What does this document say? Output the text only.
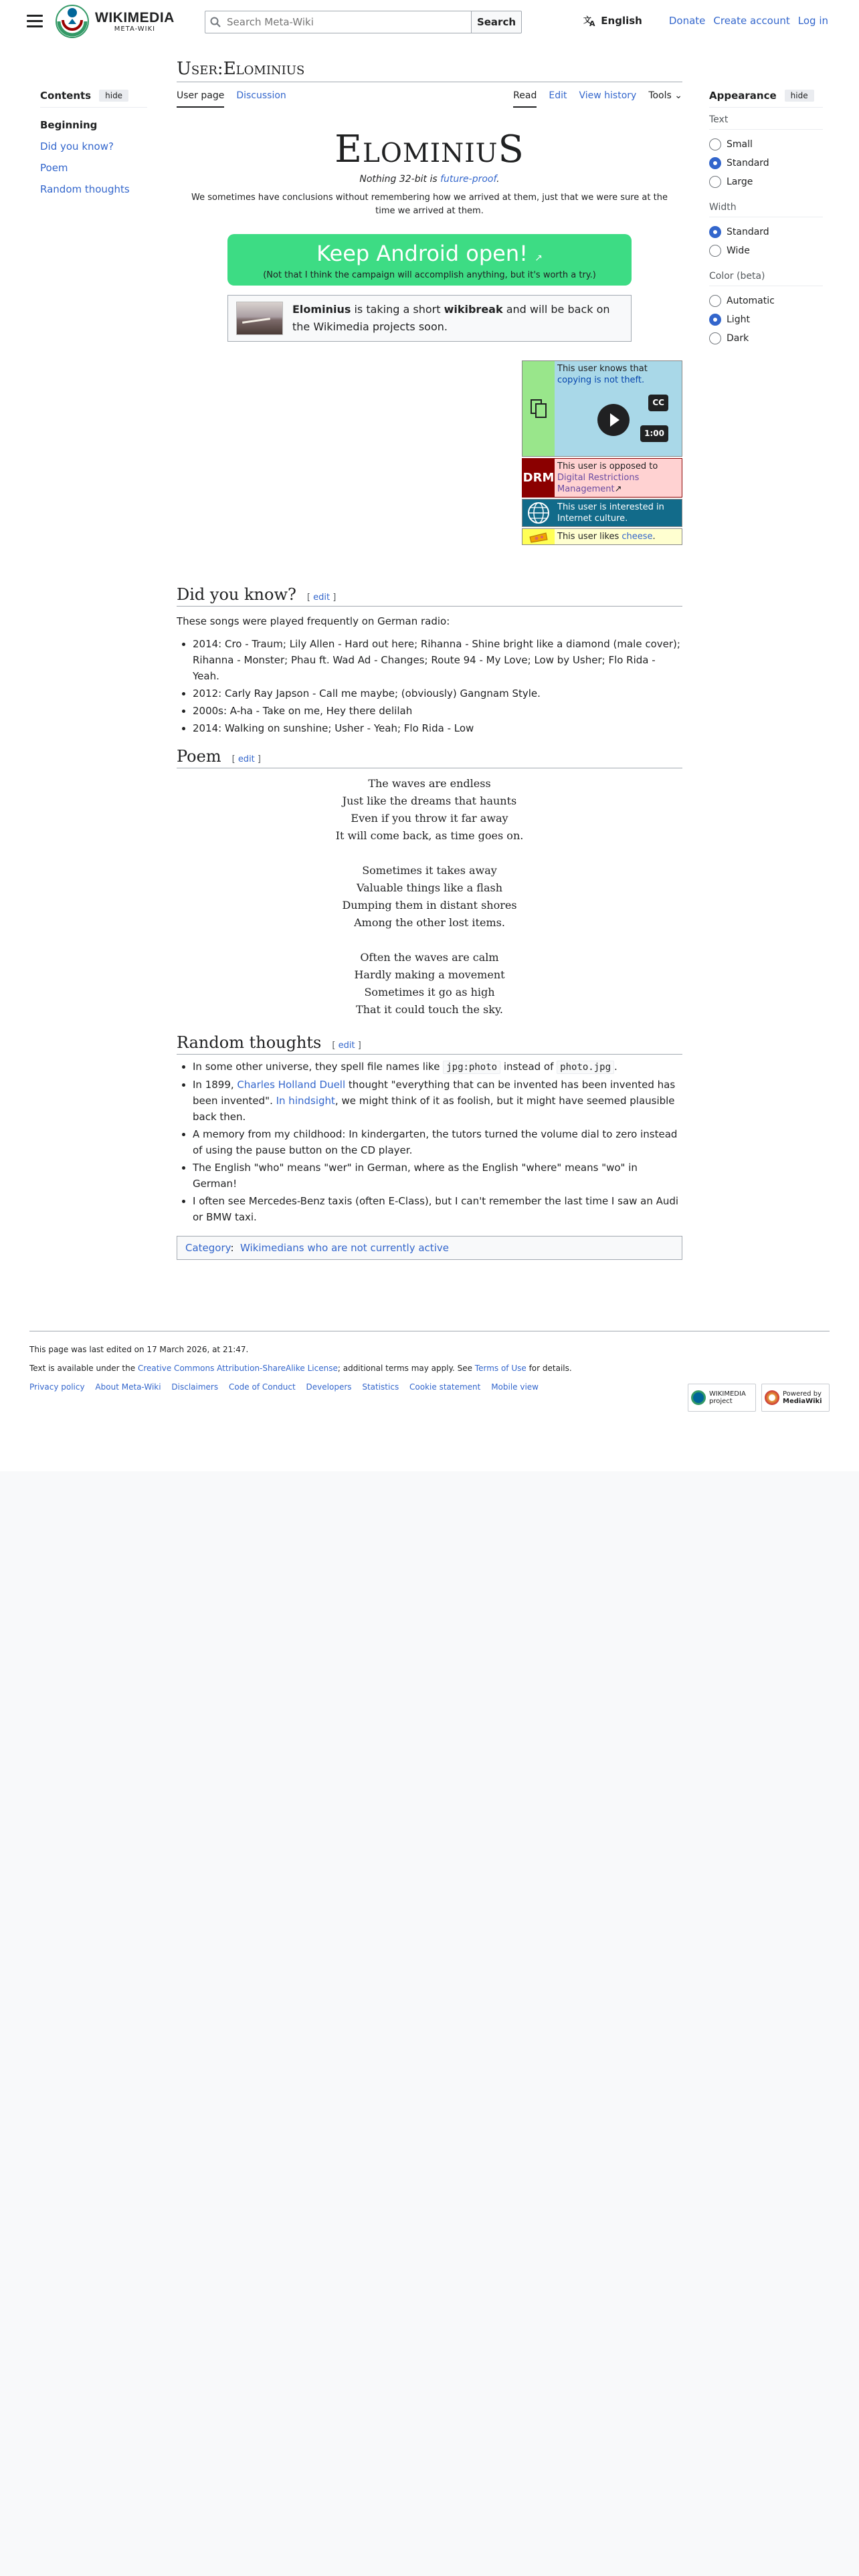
WIKIMEDIA
META-WIKI
Search Meta-Wiki
Search	文
A English	Donate Create account Log in
Contents	hide
Beginning
Did you know?
Poem
Random thoughts
Appearance	hide
Text
Small
Standard
Large
Width
Standard
Wide
Color (beta)
Automatic
Light
Dark
User:Elominius
User page Discussion	Read Edit View history Tools ⌄
ElominiuS
Nothing 32-bit is future-proof.
We sometimes have conclusions without remembering how we arrived at them, just that we were sure at the time we arrived at them.
Keep Android open! ↗
(Not that I think the campaign will accomplish anything, but it's worth a try.)
Elominius is taking a short wikibreak and will be back on the Wikimedia projects soon.
This user knows that copying is not theft.
CC
1:00
DRM
This user is opposed to Digital Restrictions Management↗
This user is interested in Internet culture.
This user likes cheese.
Did you know? [ edit ]

These songs were played frequently on German radio:

• 2014: Cro - Traum; Lily Allen - Hard out here; Rihanna - Shine bright like a diamond (male cover); Rihanna - Monster; Phau ft. Wad Ad - Changes; Route 94 - My Love; Low by Usher; Flo Rida - Yeah.
• 2012: Carly Ray Japson - Call me maybe; (obviously) Gangnam Style.
• 2000s: A-ha - Take on me, Hey there delilah
• 2014: Walking on sunshine; Usher - Yeah; Flo Rida - Low
Poem [ edit ]
The waves are endless
Just like the dreams that haunts
Even if you throw it far away
It will come back, as time goes on.
Sometimes it takes away
Valuable things like a flash
Dumping them in distant shores
Among the other lost items.
Often the waves are calm
Hardly making a movement
Sometimes it go as high
That it could touch the sky.
Random thoughts [ edit ]
• In some other universe, they spell file names like jpg:photo instead of photo.jpg .
• In 1899, Charles Holland Duell thought "everything that can be invented has been invented has been invented". In hindsight, we might think of it as foolish, but it might have seemed plausible back then.
• A memory from my childhood: In kindergarten, the tutors turned the volume dial to zero instead of using the pause button on the CD player.
• The English "who" means "wer" in German, where as the English "where" means "wo" in German!
• I often see Mercedes-Benz taxis (often E-Class), but I can't remember the last time I saw an Audi or BMW taxi.
Category:  Wikimedians who are not currently active
This page was last edited on 17 March 2026, at 21:47.
Text is available under the Creative Commons Attribution-ShareAlike License; additional terms may apply. See Terms of Use for details.
Privacy policy About Meta-Wiki Disclaimers Code of Conduct Developers Statistics Cookie statement Mobile view
WIKIMEDIA project
Powered by
MediaWiki
